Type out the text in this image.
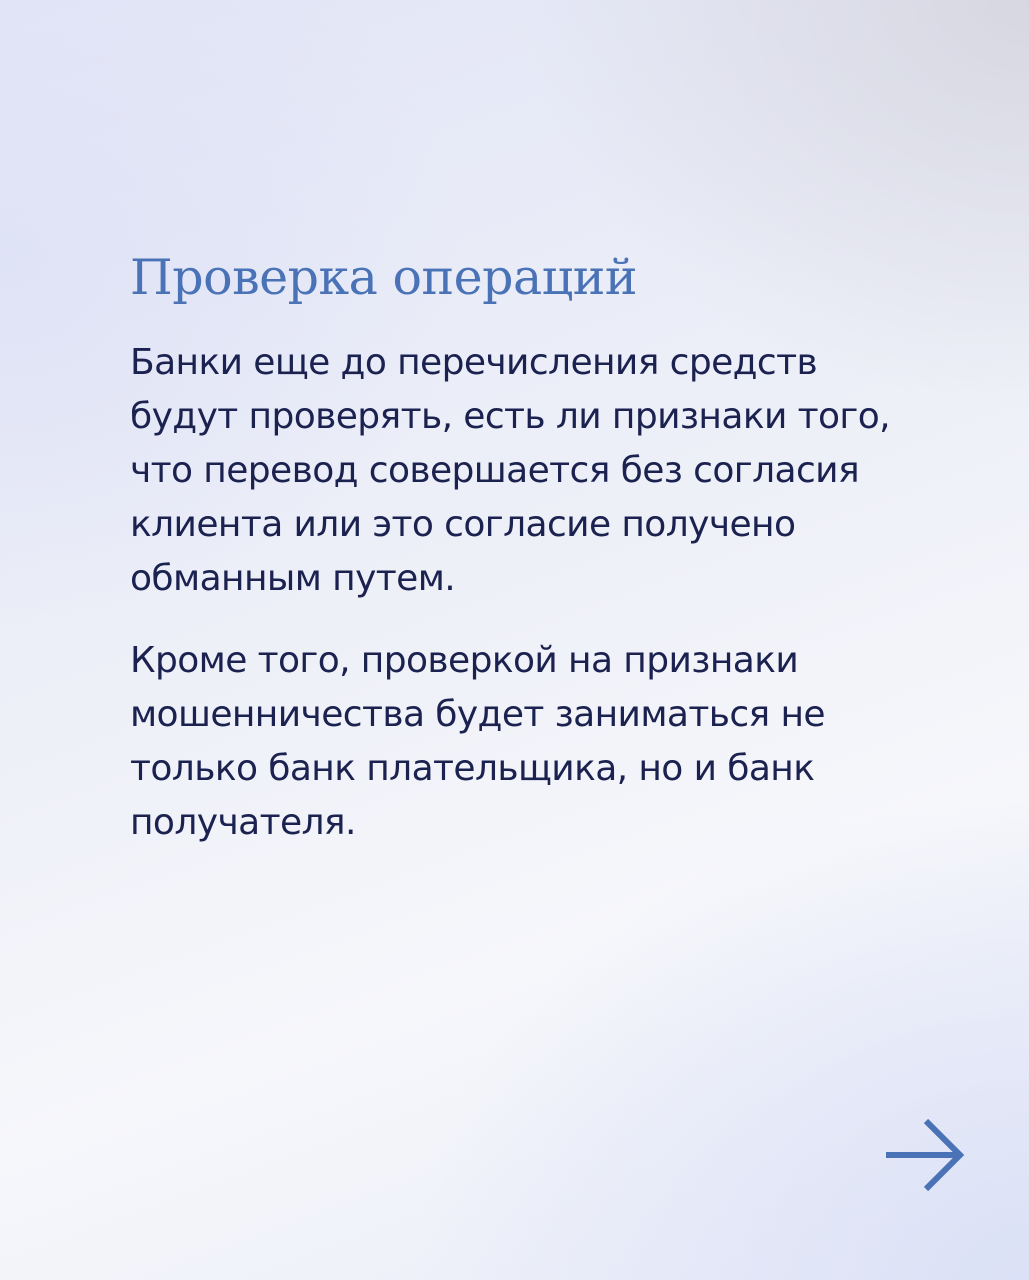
Проверка операций

Банки еще до перечисления средств
будут проверять, есть ли признаки того,
что перевод совершается без согласия
клиента или это согласие получено
обманным путем.

Кроме того, проверкой на признаки
мошенничества будет заниматься не
только банк плательщика, но и банк
получателя.
